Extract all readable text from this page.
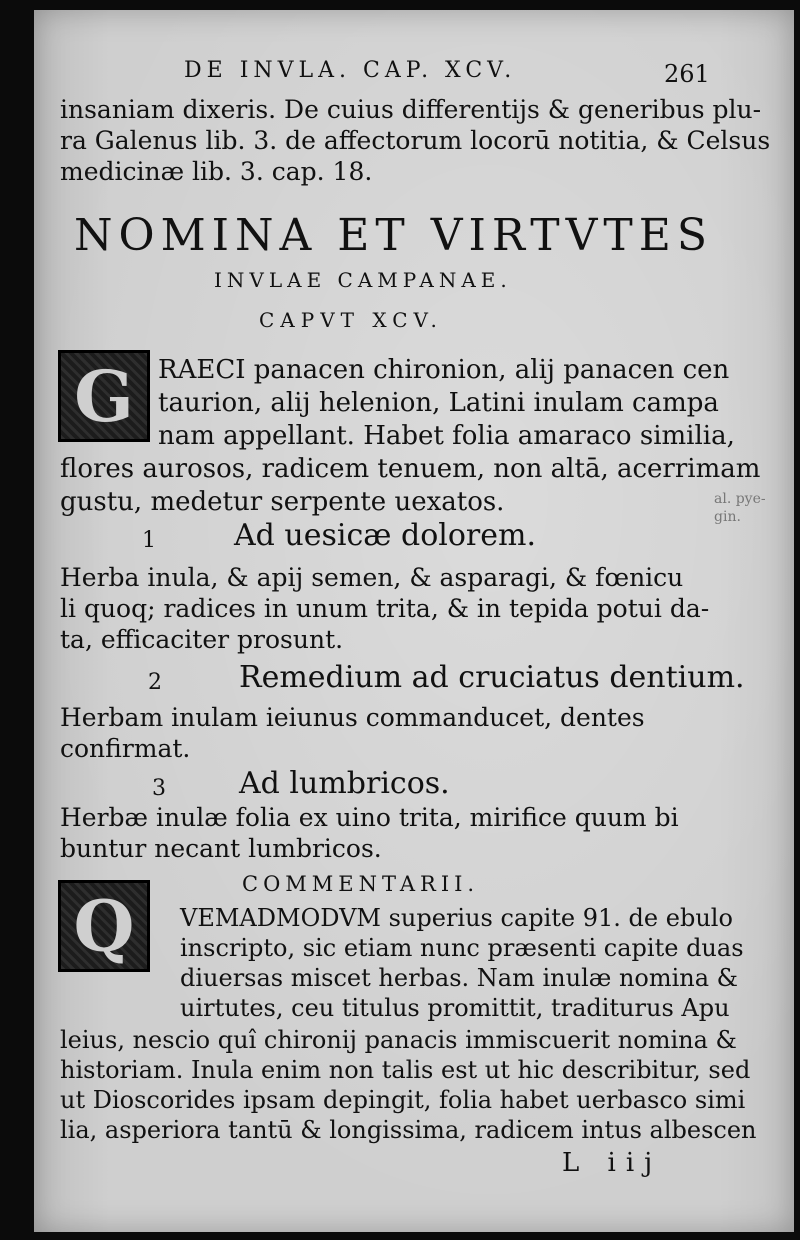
DE INVLA. CAP. XCV.	261
insaniam dixeris. De cuius differentijs & generibus plu-
ra Galenus lib. 3. de affectorum locorū notitia, & Celsus
medicinæ lib. 3. cap. 18.
NOMINA ET VIRTVTES
INVLAE CAMPANAE.
CAPVT XCV.
G RAECI panacen chironion, alij panacen cen
taurion, alij helenion, Latini inulam campa
nam appellant. Habet folia amaraco similia,
flores aurosos, radicem tenuem, non altā, acerrimam
gustu, medetur serpente uexatos.	al. pye-
gin.
1	Ad uesicæ dolorem.
Herba inula, & apij semen, & asparagi, & fœnicu
li quoq; radices in unum trita, & in tepida potui da-
ta, efficaciter prosunt.
2	Remedium ad cruciatus dentium.
Herbam inulam ieiunus commanducet, dentes
confirmat.
3 Ad lumbricos.
Herbæ inulæ folia ex uino trita, mirifice quum bi
buntur necant lumbricos.
COMMENTARII.
Q	VEMADMODVM superius capite 91. de ebulo
inscripto, sic etiam nunc præsenti capite duas
diuersas miscet herbas. Nam inulæ nomina &
uirtutes, ceu titulus promittit, traditurus Apu
leius, nescio quî chironij panacis immiscuerit nomina &
historiam. Inula enim non talis est ut hic describitur, sed
ut Dioscorides ipsam depingit, folia habet uerbasco simi
lia, asperiora tantū & longissima, radicem intus albescen
L iij
